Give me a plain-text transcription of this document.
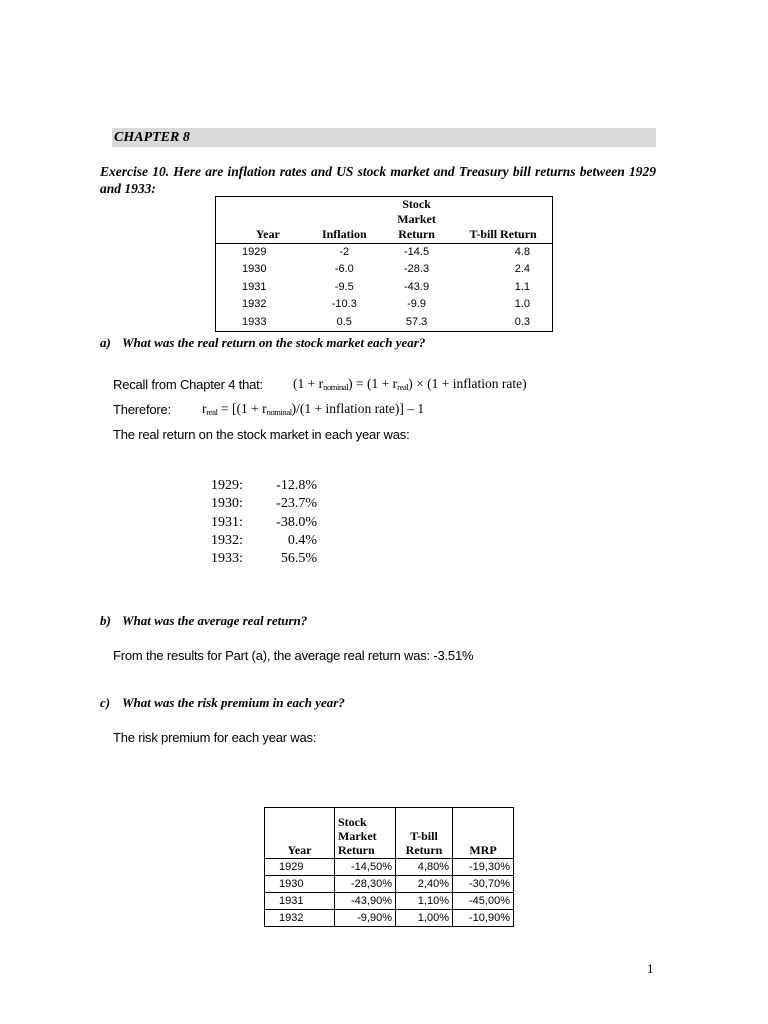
CHAPTER 8
Exercise 10. Here are inflation rates and US stock market and Treasury bill returns between 1929 and 1933:
		Stock Market	
Year	Inflation	Return	T-bill Return
1929	-2	-14.5	4.8
1930	-6.0	-28.3	2.4
1931	-9.5	-43.9	1.1
1932	-10.3	-9.9	1.0
1933	0.5	57.3	0.3
a) What was the real return on the stock market each year?
Recall from Chapter 4 that: $(1 + r_{nominal}) = (1 + r_{real}) \times (1$ + inflation rate)
Therefore: $r_{real} = [(1 + r_{nominal})/(1$ + inflation rate)] – 1
The real return on the stock market in each year was:
1929: -12.8%
1930: -23.7%
1931: -38.0%
1932:	0.4%
1933:	56.5%
b) What was the average real return?
From the results for Part (a), the average real return was: -3.51%
c) What was the risk premium in each year?
The risk premium for each year was:
Year	Stock Market Return	T-bill Return	MRP
1929	-14,50%	4,80%	-19,30%
1930	-28,30%	2,40%	-30,70%
1931	-43,90%	1,10%	-45,00%
1932	-9,90%	1,00%	-10,90%
1
